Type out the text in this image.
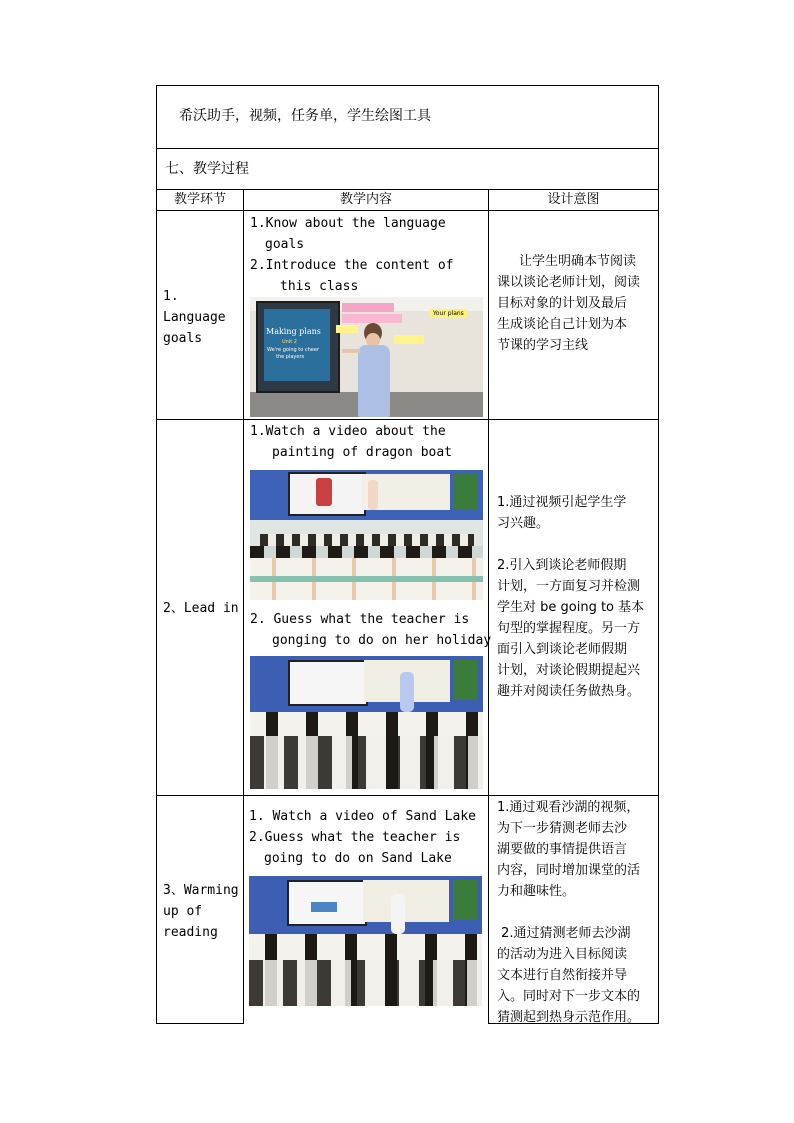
希沃助手，视频，任务单，学生绘图工具
七、教学过程
教学环节	教学内容	设计意图
1.
Language
goals
1.Know about the language
goals
2.Introduce the content of
this class
Making plans
Unit 2
We're going to cheer
the players
Your plans
让学生明确本节阅读
课以谈论老师计划，阅读
目标对象的计划及最后
生成谈论自己计划为本
节课的学习主线
2、Lead in
1.Watch a video about the
painting of dragon boat
2. Guess what the teacher is
gonging to do on her holiday
1.通过视频引起学生学
习兴趣。
2.引入到谈论老师假期
计划，一方面复习并检测
学生对 be going to 基本
句型的掌握程度。另一方
面引入到谈论老师假期
计划，对谈论假期提起兴
趣并对阅读任务做热身。
3、Warming
up of
reading
1. Watch a video of Sand Lake
2.Guess what the teacher is
going to do on Sand Lake
1.通过观看沙湖的视频，
为下一步猜测老师去沙
湖要做的事情提供语言
内容，同时增加课堂的活
力和趣味性。
2.通过猜测老师去沙湖
的活动为进入目标阅读
文本进行自然衔接并导
入。同时对下一步文本的
猜测起到热身示范作用。
